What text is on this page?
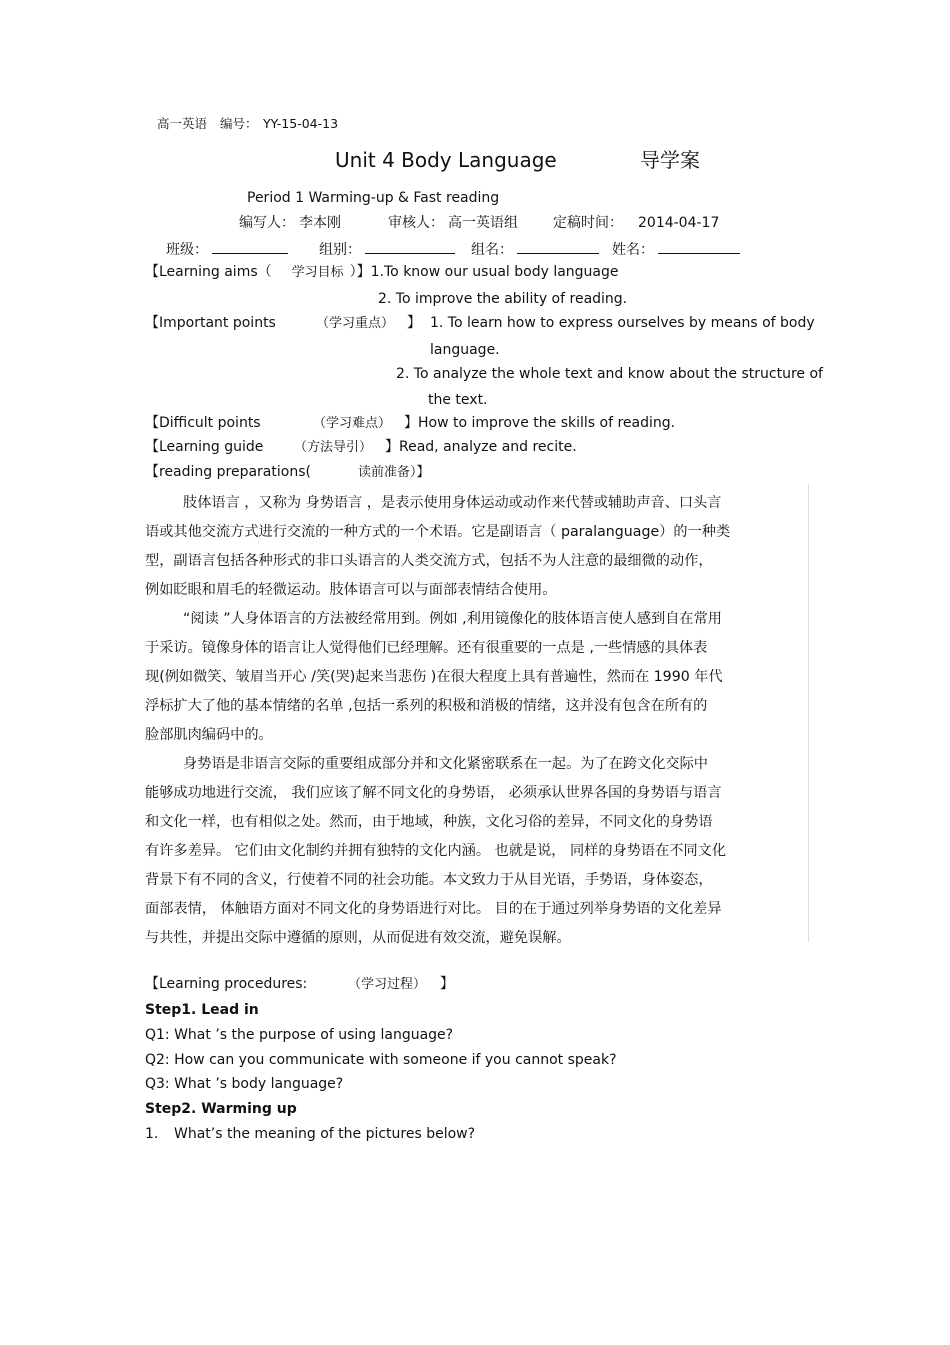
高一英语 编号： YY-15-04-13
Unit 4 Body Language	导学案
Period 1 Warming-up & Fast reading
编写人： 李本刚	审核人： 高一英语组	定稿时间： 2014-04-17
班级：	组别：	组名：	姓名：
【Learning aims（ 学习目标 ）】1.To know our usual body language
2. To improve the ability of reading.
【Important points	（学习重点） 】 1. To learn how to express ourselves by means of body
language.
2. To analyze the whole text and know about the structure of
the text.
【Difficult points	（学习难点） 】How to improve the skills of reading.
【Learning guide （方法导引） 】Read, analyze and recite.
【reading preparations(	读前准备）】
肢体语言 ，又称为 身势语言 ，是表示使用身体运动或动作来代替或辅助声音、口头言
语或其他交流方式进行交流的一种方式的一个术语。它是副语言（ paralanguage）的一种类
型，副语言包括各种形式的非口头语言的人类交流方式，包括不为人注意的最细微的动作，
例如眨眼和眉毛的轻微运动。肢体语言可以与面部表情结合使用。
“阅读 ”人身体语言的方法被经常用到。例如 ,利用镜像化的肢体语言使人感到自在常用
于采访。镜像身体的语言让人觉得他们已经理解。还有很重要的一点是 ,一些情感的具体表
现(例如微笑、皱眉当开心 /笑(哭)起来当悲伤 )在很大程度上具有普遍性，然而在 1990 年代
浮标扩大了他的基本情绪的名单 ,包括一系列的积极和消极的情绪，这并没有包含在所有的
脸部肌肉编码中的。
身势语是非语言交际的重要组成部分并和文化紧密联系在一起。为了在跨文化交际中
能够成功地进行交流， 我们应该了解不同文化的身势语， 必须承认世界各国的身势语与语言
和文化一样，也有相似之处。然而，由于地域，种族，文化习俗的差异，不同文化的身势语
有许多差异。 它们由文化制约并拥有独特的文化内涵。 也就是说， 同样的身势语在不同文化
背景下有不同的含义，行使着不同的社会功能。本文致力于从目光语，手势语，身体姿态，
面部表情， 体触语方面对不同文化的身势语进行对比。 目的在于通过列举身势语的文化差异
与共性，并提出交际中遵循的原则，从而促进有效交流，避免误解。
【Learning procedures:	（学习过程） 】
Step1. Lead in
Q1: What ’s the purpose of using language?
Q2: How can you communicate with someone if you cannot speak?
Q3: What ’s body language?
Step2. Warming up
1. What’s the meaning of the pictures below?
